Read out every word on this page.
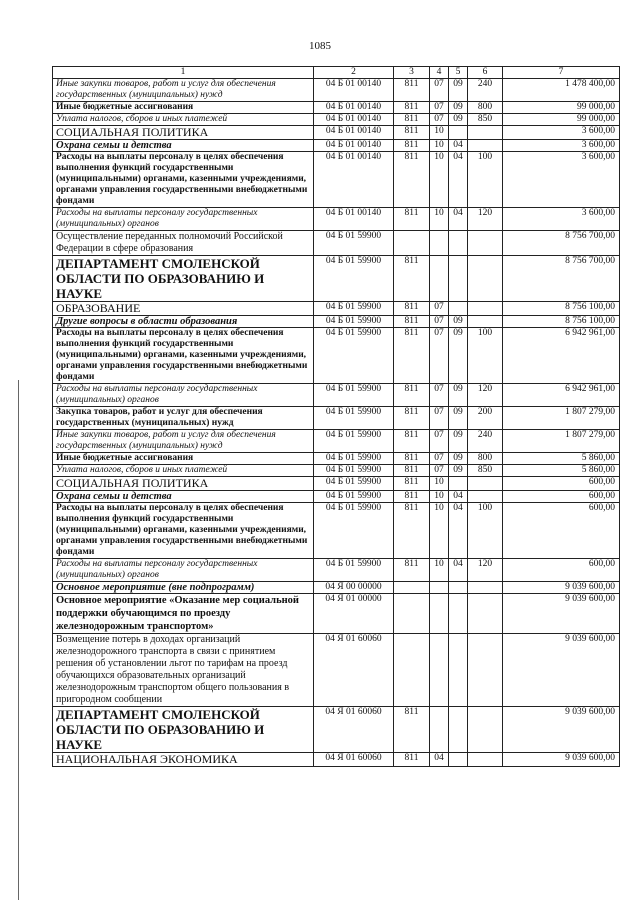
1085
1	2	3	4	5	6	7
Иные закупки товаров, работ и услуг для обеспечения государственных (муниципальных) нужд	04 Б 01 00140	811	07	09	240	1 478 400,00
Иные бюджетные ассигнования	04 Б 01 00140	811	07	09	800	99 000,00
Уплата налогов, сборов и иных платежей	04 Б 01 00140	811	07	09	850	99 000,00
СОЦИАЛЬНАЯ ПОЛИТИКА	04 Б 01 00140	811	10			3 600,00
Охрана семьи и детства	04 Б 01 00140	811	10	04		3 600,00
Расходы на выплаты персоналу в целях обеспечения выполнения функций государственными (муниципальными) органами, казенными учреждениями, органами управления государственными внебюджетными фондами	04 Б 01 00140	811	10	04	100	3 600,00
Расходы на выплаты персоналу государственных (муниципальных) органов	04 Б 01 00140	811	10	04	120	3 600,00
Осуществление переданных полномочий Российской Федерации в сфере образования	04 Б 01 59900					8 756 700,00
ДЕПАРТАМЕНТ СМОЛЕНСКОЙ ОБЛАСТИ ПО ОБРАЗОВАНИЮ И НАУКЕ	04 Б 01 59900	811				8 756 700,00
ОБРАЗОВАНИЕ	04 Б 01 59900	811	07			8 756 100,00
Другие вопросы в области образования	04 Б 01 59900	811	07	09		8 756 100,00
Расходы на выплаты персоналу в целях обеспечения выполнения функций государственными (муниципальными) органами, казенными учреждениями, органами управления государственными внебюджетными фондами	04 Б 01 59900	811	07	09	100	6 942 961,00
Расходы на выплаты персоналу государственных (муниципальных) органов	04 Б 01 59900	811	07	09	120	6 942 961,00
Закупка товаров, работ и услуг для обеспечения государственных (муниципальных) нужд	04 Б 01 59900	811	07	09	200	1 807 279,00
Иные закупки товаров, работ и услуг для обеспечения государственных (муниципальных) нужд	04 Б 01 59900	811	07	09	240	1 807 279,00
Иные бюджетные ассигнования	04 Б 01 59900	811	07	09	800	5 860,00
Уплата налогов, сборов и иных платежей	04 Б 01 59900	811	07	09	850	5 860,00
СОЦИАЛЬНАЯ ПОЛИТИКА	04 Б 01 59900	811	10			600,00
Охрана семьи и детства	04 Б 01 59900	811	10	04		600,00
Расходы на выплаты персоналу в целях обеспечения выполнения функций государственными (муниципальными) органами, казенными учреждениями, органами управления государственными внебюджетными фондами	04 Б 01 59900	811	10	04	100	600,00
Расходы на выплаты персоналу государственных (муниципальных) органов	04 Б 01 59900	811	10	04	120	600,00
Основное мероприятие (вне подпрограмм)	04 Я 00 00000					9 039 600,00
Основное мероприятие «Оказание мер социальной поддержки обучающимся по проезду железнодорожным транспортом»	04 Я 01 00000					9 039 600,00
Возмещение потерь в доходах организаций железнодорожного транспорта в связи с принятием решения об установлении льгот по тарифам на проезд обучающихся образовательных организаций железнодорожным транспортом общего пользования в пригородном сообщении	04 Я 01 60060					9 039 600,00
ДЕПАРТАМЕНТ СМОЛЕНСКОЙ ОБЛАСТИ ПО ОБРАЗОВАНИЮ И НАУКЕ	04 Я 01 60060	811				9 039 600,00
НАЦИОНАЛЬНАЯ ЭКОНОМИКА	04 Я 01 60060	811	04			9 039 600,00
